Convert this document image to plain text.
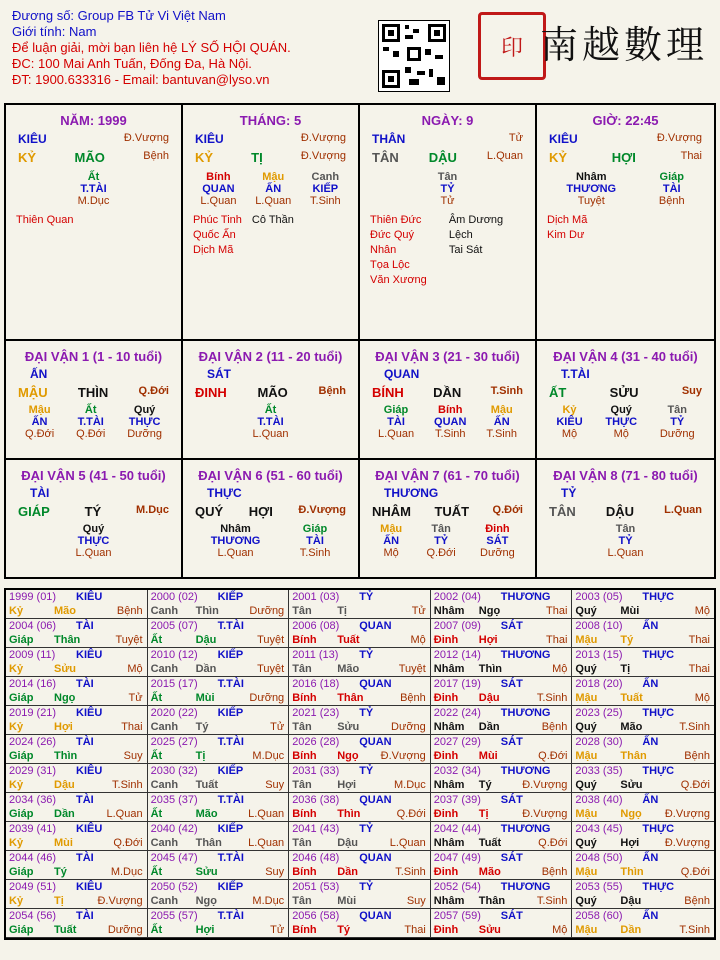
Đương số: Group FB Tử Vi Việt Nam
Giới tính: Nam
Để luận giải, mời bạn liên hệ LÝ SỐ HỘI QUÁN.
ĐC: 100 Mai Anh Tuấn, Đống Đa, Hà Nội.
ĐT: 1900.633316 - Email: bantuvan@lyso.vn
印 南越數理
NĂM: 1999
KIÊU	Đ.Vượng
KỶ	MÃO	Bệnh
Ất
T.TÀI
M.Dục
Thiên Quan
THÁNG: 5
KIÊU	Đ.Vượng
KỶ	TỊ	Đ.Vượng
Bính
QUAN
L.Quan
Mậu
ẤN
L.Quan
Canh
KIẾP
T.Sinh
Phúc Tinh
Quốc Ấn
Dịch Mã
Cô Thần
NGÀY: 9
THÂN	Tử
TÂN DẬU	L.Quan
Tân
TỶ
Tử
Thiên Đức
Đức Quý Nhân
Tọa Lộc
Văn Xương
Âm Dương Lệch
Tai Sát
GIỜ: 22:45
KIÊU	Đ.Vượng
KỶ	HỢI	Thai
Nhâm
THƯƠNG
Tuyệt
Giáp
TÀI
Bệnh
Dịch Mã
Kim Dư
ĐẠI VẬN 1 (1 - 10 tuổi)
ẤN
MẬU THÌN	Q.Đới
Mậu
ẤN
Q.Đới
Ất
T.TÀI
Q.Đới
Quý
THỰC
Dưỡng
ĐẠI VẬN 2 (11 - 20 tuổi)
SÁT
ĐINH MÃO	Bệnh
Ất
T.TÀI
L.Quan
ĐẠI VẬN 3 (21 - 30 tuổi)
QUAN
BÍNH DẦN	T.Sinh
Giáp
TÀI
L.Quan
Bính
QUAN
T.Sinh
Mậu
ẤN
T.Sinh
ĐẠI VẬN 4 (31 - 40 tuổi)
T.TÀI
ẤT	SỬU	Suy
Kỷ
KIÊU
Mộ
Quý
THỰC
Mộ
Tân
TỶ
Dưỡng
ĐẠI VẬN 5 (41 - 50 tuổi)
TÀI
GIÁP	TÝ	M.Dục
Quý
THỰC
L.Quan
ĐẠI VẬN 6 (51 - 60 tuổi)
THỰC
QUÝ HỢI Đ.Vượng
Nhâm
THƯƠNG
L.Quan
Giáp
TÀI
T.Sinh
ĐẠI VẬN 7 (61 - 70 tuổi)
THƯƠNG
NHÂM TUẤT Q.Đới
Mậu
ẤN
Mộ
Tân
TỶ
Q.Đới
Đinh
SÁT
Dưỡng
ĐẠI VẬN 8 (71 - 80 tuổi)
TỶ
TÂN DẬU	L.Quan
Tân
TỶ
L.Quan
1999 (01) KIÊU
Kỷ	Mão	Bệnh
2000 (02) KIẾP
Canh Thìn	Dưỡng
2001 (03) TỶ
Tân Tị	Tử
2002 (04) THƯƠNG
Nhâm Ngọ	Thai
2003 (05) THỰC
Quý Mùi	Mộ
2004 (06) TÀI
Giáp Thân	Tuyệt
2005 (07) T.TÀI
Ất	Dậu	Tuyệt
2006 (08) QUAN
Bính Tuất	Mộ
2007 (09) SÁT
Đinh Hợi	Thai
2008 (10) ẤN
Mậu Tý	Thai
2009 (11) KIÊU
Kỷ	Sửu	Mộ
2010 (12) KIẾP
Canh Dần	Tuyệt
2011 (13) TỶ
Tân Mão	Tuyệt
2012 (14) THƯƠNG
Nhâm Thìn	Mộ
2013 (15) THỰC
Quý Tị	Thai
2014 (16) TÀI
Giáp Ngọ	Tử
2015 (17) T.TÀI
Ất	Mùi	Dưỡng
2016 (18) QUAN
Bính Thân	Bệnh
2017 (19) SÁT
Đinh Dậu	T.Sinh
2018 (20) ẤN
Mậu Tuất	Mộ
2019 (21) KIÊU
Kỷ	Hợi	Thai
2020 (22) KIẾP
Canh Tý	Tử
2021 (23) TỶ
Tân Sửu	Dưỡng
2022 (24) THƯƠNG
Nhâm Dần	Bệnh
2023 (25) THỰC
Quý Mão	T.Sinh
2024 (26) TÀI
Giáp Thìn	Suy
2025 (27) T.TÀI
Ất	Tị	M.Dục
2026 (28) QUAN
Bính Ngọ Đ.Vượng
2027 (29) SÁT
Đinh Mùi	Q.Đới
2028 (30) ẤN
Mậu Thân	Bệnh
2029 (31) KIÊU
Kỷ	Dậu	T.Sinh
2030 (32) KIẾP
Canh Tuất	Suy
2031 (33) TỶ
Tân Hợi	M.Dục
2032 (34) THƯƠNG
Nhâm Tý	Đ.Vượng
2033 (35) THỰC
Quý Sửu	Q.Đới
2034 (36) TÀI
Giáp Dần	L.Quan
2035 (37) T.TÀI
Ất	Mão	L.Quan
2036 (38) QUAN
Bính Thìn	Q.Đới
2037 (39) SÁT
Đinh Tị	Đ.Vượng
2038 (40) ẤN
Mậu Ngọ Đ.Vượng
2039 (41) KIÊU
Kỷ	Mùi	Q.Đới
2040 (42) KIẾP
Canh Thân L.Quan
2041 (43) TỶ
Tân Dậu	L.Quan
2042 (44) THƯƠNG
Nhâm Tuất	Q.Đới
2043 (45) THỰC
Quý Hợi Đ.Vượng
2044 (46) TÀI
Giáp Tý	M.Dục
2045 (47) T.TÀI
Ất	Sửu	Suy
2046 (48) QUAN
Bính Dần	T.Sinh
2047 (49) SÁT
Đinh Mão	Bệnh
2048 (50) ẤN
Mậu Thìn	Q.Đới
2049 (51) KIÊU
Kỷ	Tị	Đ.Vượng
2050 (52) KIẾP
Canh Ngọ	M.Dục
2051 (53) TỶ
Tân Mùi	Suy
2052 (54) THƯƠNG
Nhâm Thân	T.Sinh
2053 (55) THỰC
Quý Dậu	Bệnh
2054 (56) TÀI
Giáp Tuất	Dưỡng
2055 (57) T.TÀI
Ất	Hợi	Tử
2056 (58) QUAN
Bính Tý	Thai
2057 (59) SÁT
Đinh Sửu	Mộ
2058 (60) ẤN
Mậu Dần	T.Sinh
